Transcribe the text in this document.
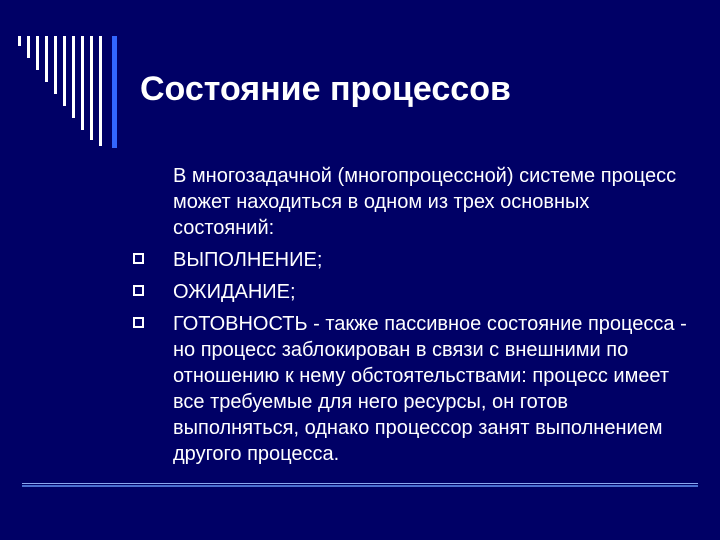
Состояние процессов

В многозадачной (многопроцессной) системе процесс может находиться в одном из трех основных состояний:

ВЫПОЛНЕНИЕ;
ОЖИДАНИЕ;
ГОТОВНОСТЬ - также пассивное состояние процесса - но процесс заблокирован в связи с внешними по отношению к нему обстоятельствами: процесс имеет все требуемые для него ресурсы, он готов выполняться, однако процессор занят выполнением другого процесса.
